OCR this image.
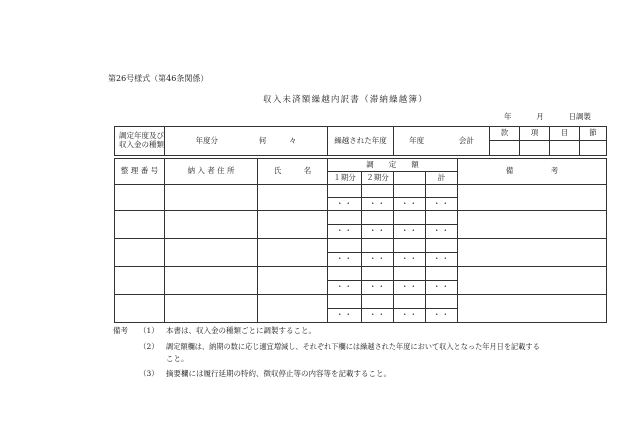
第26号様式（第46条関係）
収入未済額繰越内訳書（滞納繰越簿）
年	月	日調製
調定年度及び収入金の種類	年度分 何 々		繰越された年度		年度 会計			款	項	目	節

整 理 番 号	納 入 者 住 所	氏　　　名	調　　定　　額				備　　　　　考				
			１期分	２期分		計					

			・・	・・	・・	・・					

			・・	・・	・・	・・					

			・・	・・	・・	・・					

			・・	・・	・・	・・					

			・・	・・	・・	・・					
備考 （1） 本書は、収入金の種類ごとに調製すること。
（2） 調定額欄は、納期の数に応じ適宜増減し、それぞれ下欄には繰越された年度において収入となった年月日を記載する
こと。
（3） 摘要欄には履行延期の特約、徴収停止等の内容等を記載すること。
